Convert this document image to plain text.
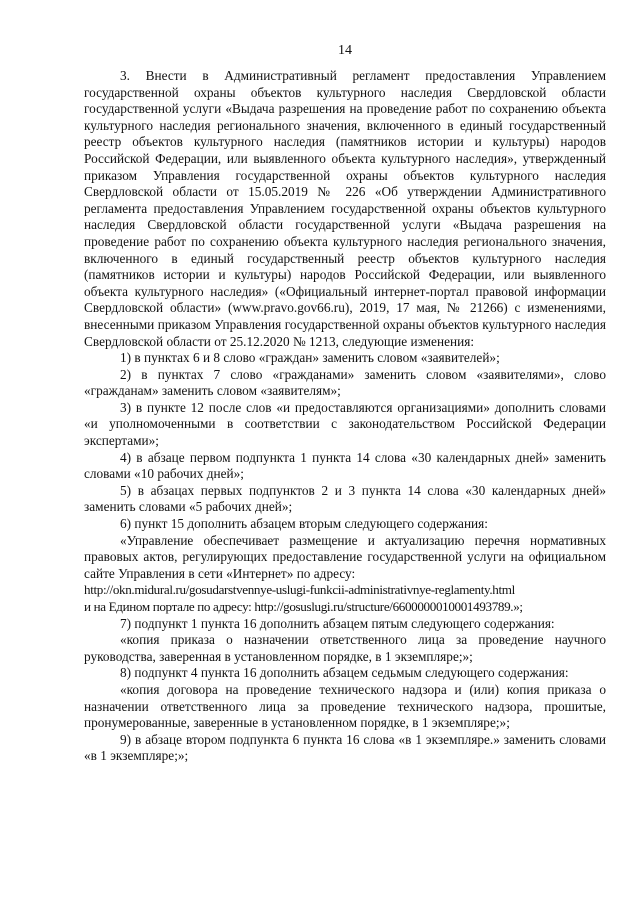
14

3. Внести в Административный регламент предоставления Управлением государственной охраны объектов культурного наследия Свердловской области государственной услуги «Выдача разрешения на проведение работ по сохранению объекта культурного наследия регионального значения, включенного в единый государственный реестр объектов культурного наследия (памятников истории и культуры) народов Российской Федерации, или выявленного объекта культурного наследия», утвержденный приказом Управления государственной охраны объектов культурного наследия Свердловской области от 15.05.2019 № 226 «Об утверждении Административного регламента предоставления Управлением государственной охраны объектов культурного наследия Свердловской области государственной услуги «Выдача разрешения на проведение работ по сохранению объекта культурного наследия регионального значения, включенного в единый государственный реестр объектов культурного наследия (памятников истории и культуры) народов Российской Федерации, или выявленного объекта культурного наследия» («Официальный интернет-портал правовой информации Свердловской области» (www.pravo.gov66.ru), 2019, 17 мая, № 21266) с изменениями, внесенными приказом Управления государственной охраны объектов культурного наследия Свердловской области от 25.12.2020 № 1213, следующие изменения:

1) в пунктах 6 и 8 слово «граждан» заменить словом «заявителей»;

2) в пунктах 7 слово «гражданами» заменить словом «заявителями», слово «гражданам» заменить словом «заявителям»;

3) в пункте 12 после слов «и предоставляются организациями» дополнить словами «и уполномоченными в соответствии с законодательством Российской Федерации экспертами»;

4) в абзаце первом подпункта 1 пункта 14 слова «30 календарных дней» заменить словами «10 рабочих дней»;

5) в абзацах первых подпунктов 2 и 3 пункта 14 слова «30 календарных дней» заменить словами «5 рабочих дней»;

6) пункт 15 дополнить абзацем вторым следующего содержания:

«Управление обеспечивает размещение и актуализацию перечня нормативных правовых актов, регулирующих предоставление государственной услуги на официальном сайте Управления в сети «Интернет» по адресу:

http://okn.midural.ru/gosudarstvennye-uslugi-funkcii-administrativnye-reglamenty.html

и на Едином портале по адресу: http://gosuslugi.ru/structure/6600000010001493789.»;

7) подпункт 1 пункта 16 дополнить абзацем пятым следующего содержания:

«копия приказа о назначении ответственного лица за проведение научного руководства, заверенная в установленном порядке, в 1 экземпляре;»;

8) подпункт 4 пункта 16 дополнить абзацем седьмым следующего содержания:

«копия договора на проведение технического надзора и (или) копия приказа о назначении ответственного лица за проведение технического надзора, прошитые, пронумерованные, заверенные в установленном порядке, в 1 экземпляре;»;

9) в абзаце втором подпункта 6 пункта 16 слова «в 1 экземпляре.» заменить словами «в 1 экземпляре;»;
